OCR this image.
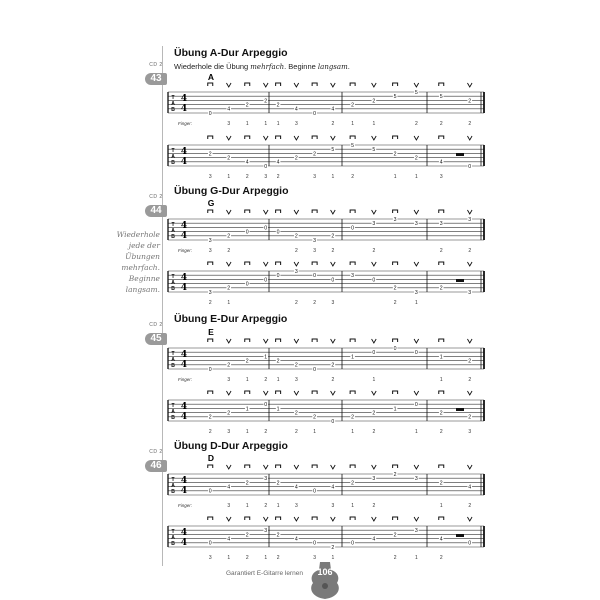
Wiederhole
jede der
Übungen
mehrfach.
Beginne
langsam.
CD 2
43
Übung A-Dur Arpeggio
Wiederhole die Übung mehrfach. Beginne langsam.
CD 2
44
Übung G-Dur Arpeggio
CD 2
45
Übung E-Dur Arpeggio
CD 2
46
Übung D-Dur Arpeggio
A
T
A
B
4
4	0
4
3
2
1
2
1
2
1
4
3
0
4
2
2
1
2
1
5
5
2
5
2
2
2
Finger:
T
A
B
4
4
2
3
2
1
4
2
0
3
4
2
2
2
3
5
1
5
2
5
2
1
2
1
4
3
0
G
T
A
B
4
4	3
3
2
2
0
0
0
2
2
3
3
2
2
0
3
2
3
3	3
2
3
2
Finger:
T
A
B
4
4	3
2
2
1
0
0
0
3
2
0
2
0
3
3
0
2
2
3
1
2
3
E
T
A
B
4
4	0
2
3
2
1
1
2
2
1
2
3
0
2
2
1
0
1
0
0
1
1
2
2
Finger:
T
A
B
4
4	2
2
2
3
1
1
0
2
1
2
2
2
1
0
2
1
2
2
1
0
1
2
2
2
3
D
T
A
B
4
4	0
4
3
2
1
3
2
2
1
4
3
0
4
3
2
1
3
2
2
3
2
1
4
2
Finger:
T
A
B
4
4	0
3
4
1
2
2
3
1
2
2
4
0
3
2
1
0
4
2
2
3
1
4
2
0
Garantiert E-Gitarre lernen	106
